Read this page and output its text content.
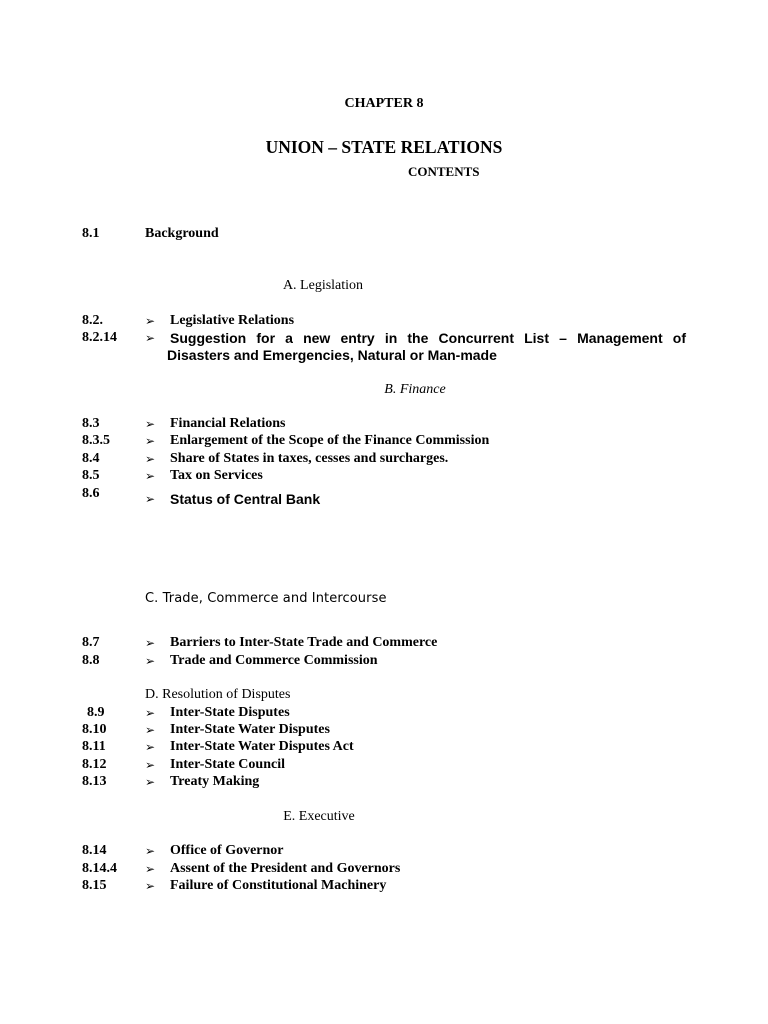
CHAPTER 8
UNION – STATE RELATIONS
CONTENTS
8.1	Background
A. Legislation
8.2.	➢ Legislative Relations
8.2.14 ➢ Suggestion for a new entry in the Concurrent List – Management of
Disasters and Emergencies, Natural or Man-made
B. Finance
8.3	➢ Financial Relations
8.3.5	➢ Enlargement of the Scope of the Finance Commission
8.4	➢ Share of States in taxes, cesses and surcharges.
8.5	➢ Tax on Services
8.6	➢ Status of Central Bank
C. Trade, Commerce and Intercourse
8.7	➢ Barriers to Inter-State Trade and Commerce
8.8	➢ Trade and Commerce Commission
D. Resolution of Disputes
8.9	➢ Inter-State Disputes
8.10	➢ Inter-State Water Disputes
8.11	➢ Inter-State Water Disputes Act
8.12	➢ Inter-State Council
8.13	➢ Treaty Making
E. Executive
8.14	➢ Office of Governor
8.14.4 ➢ Assent of the President and Governors
8.15	➢ Failure of Constitutional Machinery
